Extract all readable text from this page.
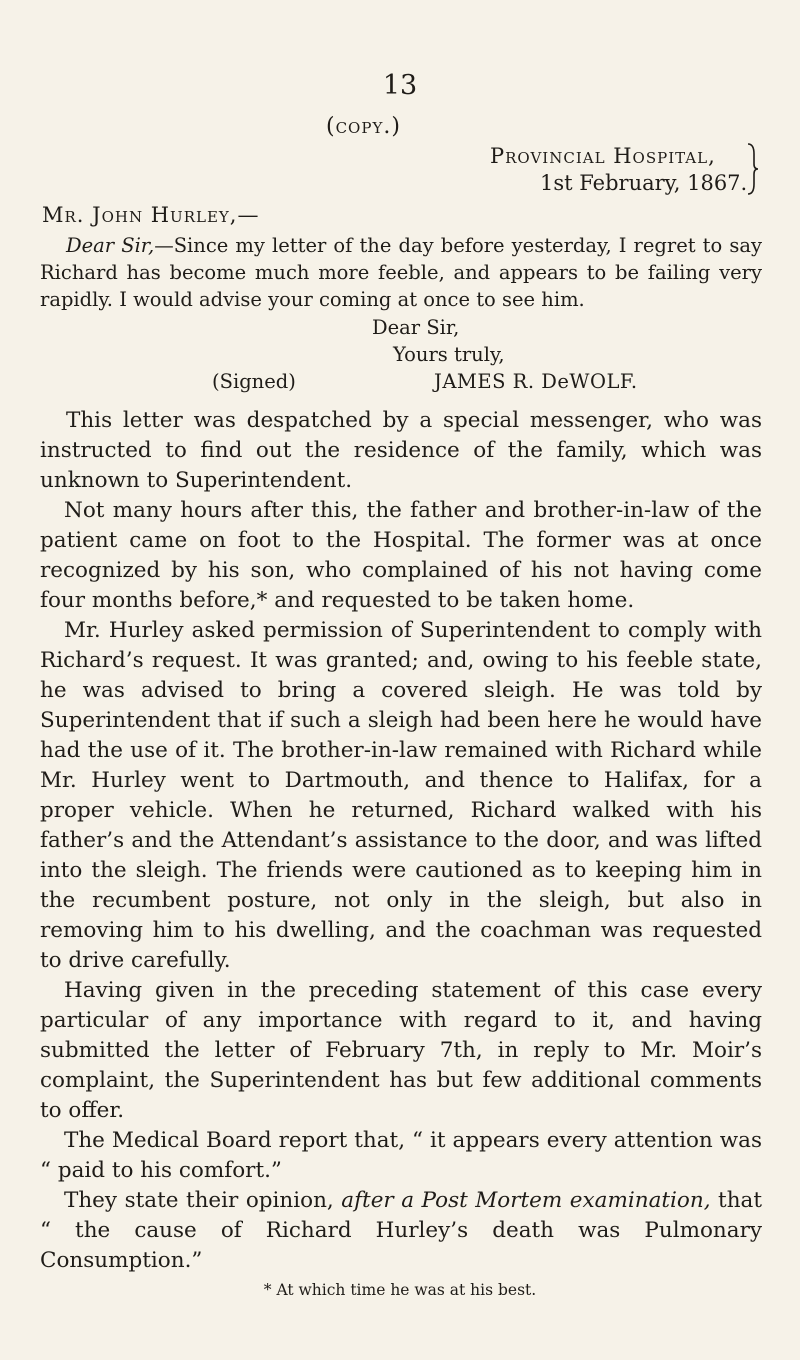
13
(copy.)
Provincial Hospital,
1st February, 1867.
Mr. John Hurley,—

Dear Sir,—Since my letter of the day before yesterday, I regret to say Richard has become much more feeble, and appears to be failing very rapidly. I would advise your coming at once to see him.

Dear Sir,
Yours truly,
(Signed)	JAMES R. DeWOLF.

This letter was despatched by a special messenger, who was instructed to find out the residence of the family, which was unknown to Superintendent.

Not many hours after this, the father and brother-in-law of the patient came on foot to the Hospital. The former was at once recognized by his son, who complained of his not having come four months before,* and requested to be taken home.

Mr. Hurley asked permission of Superintendent to comply with Richard’s request. It was granted; and, owing to his feeble state, he was advised to bring a covered sleigh. He was told by Superintendent that if such a sleigh had been here he would have had the use of it. The brother-in-law remained with Richard while Mr. Hurley went to Dartmouth, and thence to Halifax, for a proper vehicle. When he returned, Richard walked with his father’s and the Attendant’s assistance to the door, and was lifted into the sleigh. The friends were cautioned as to keeping him in the recumbent posture, not only in the sleigh, but also in removing him to his dwelling, and the coachman was requested to drive carefully.

Having given in the preceding statement of this case every particular of any importance with regard to it, and having submitted the letter of February 7th, in reply to Mr. Moir’s complaint, the Superintendent has but few additional comments to offer.

The Medical Board report that, “ it appears every attention was “ paid to his comfort.”

They state their opinion, after a Post Mortem examination, that “ the cause of Richard Hurley’s death was Pulmonary Consumption.”

* At which time he was at his best.
